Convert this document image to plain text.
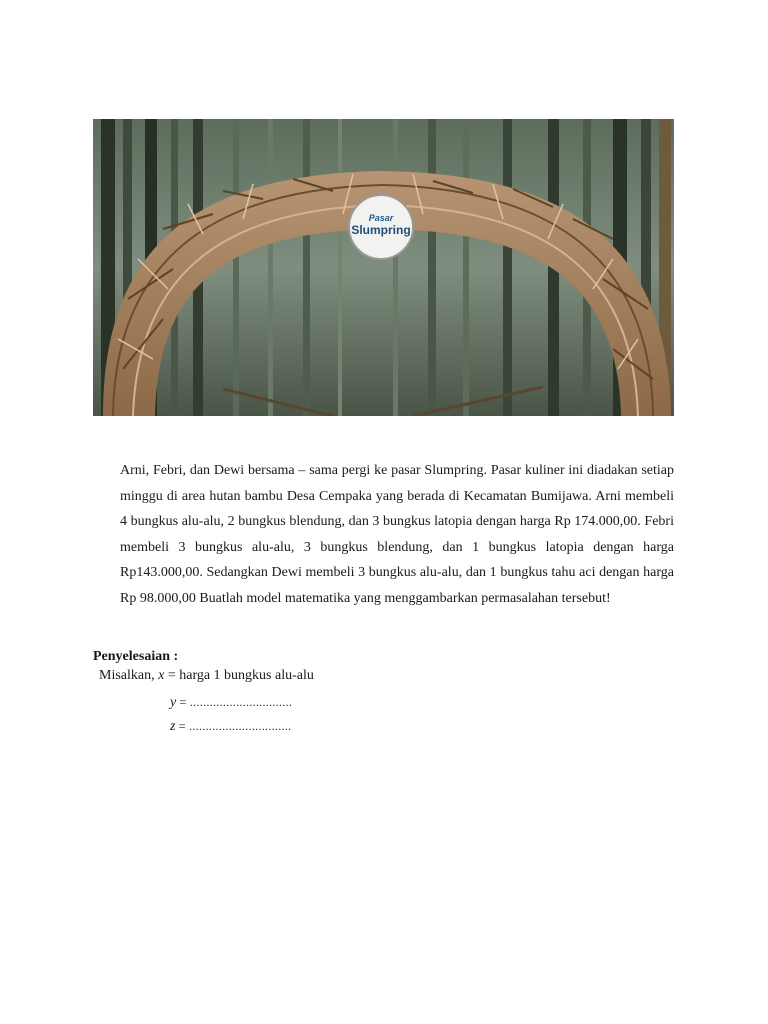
Pasar
Slumpring

Arni, Febri, dan Dewi bersama – sama pergi ke pasar Slumpring. Pasar kuliner ini diadakan setiap minggu di area hutan bambu Desa Cempaka yang berada di Kecamatan Bumijawa. Arni membeli 4 bungkus alu-alu, 2 bungkus blendung, dan 3 bungkus latopia dengan harga Rp 174.000,00. Febri membeli 3 bungkus alu-alu, 3 bungkus blendung, dan 1 bungkus latopia dengan harga Rp143.000,00. Sedangkan Dewi membeli 3 bungkus alu-alu, dan 1 bungkus tahu aci dengan harga Rp 98.000,00 Buatlah model matematika yang menggambarkan permasalahan tersebut!

Penyelesaian :

Misalkan, x = harga 1 bungkus alu-alu

y = ...............................

z = ...............................
